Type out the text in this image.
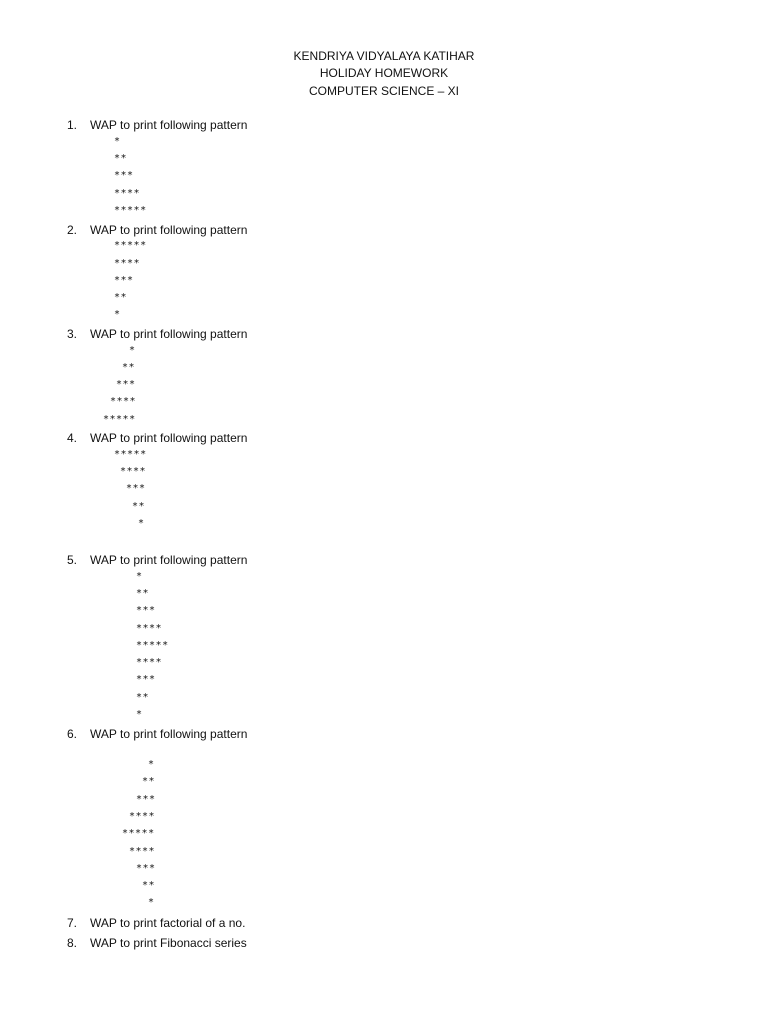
KENDRIYA VIDYALAYA KATIHAR
HOLIDAY HOMEWORK
COMPUTER SCIENCE – XI
1. WAP to print following pattern
*
**
***
****
*****
2. WAP to print following pattern
*****
****
***
**
*
3. WAP to print following pattern
*
**
***
****
*****
4. WAP to print following pattern
*****
****
***
**
*
5. WAP to print following pattern
*
**
***
****
*****
****
***
**
*
6. WAP to print following pattern
*
**
***
****
*****
****
***
**
*
7. WAP to print factorial of a no.
8. WAP to print Fibonacci series
